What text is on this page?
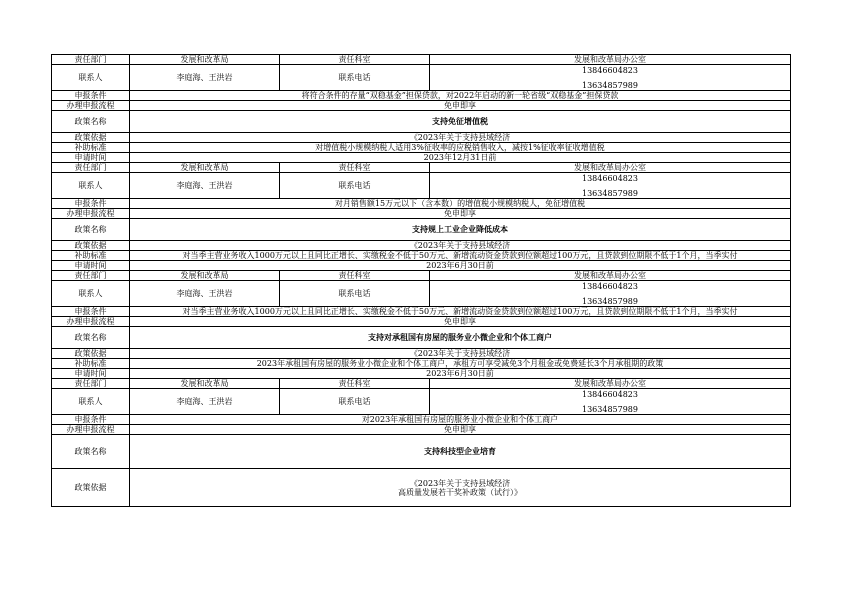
责任部门	发展和改革局	责任科室	发展和改革局办公室
联系人	李庭海、王洪岩	联系电话	13846604823
13634857989

申报条件	将符合条件的存量“双稳基金”担保贷款，对2022年启动的新一轮省级“双稳基金”担保贷款		
办理申报流程	免申即享		
政策名称	支持免征增值税		
政策依据	《2023年关于支持县域经济		
补助标准	对增值税小规模纳税人适用3%征收率的应税销售收入，减按1%征收率征收增值税		
申请时间	2023年12月31日前		
责任部门	发展和改革局	责任科室	发展和改革局办公室
联系人	李庭海、王洪岩	联系电话	13846604823
13634857989

申报条件	对月销售额15万元以下（含本数）的增值税小规模纳税人，免征增值税		
办理申报流程	免申即享		
政策名称	支持规上工业企业降低成本		
政策依据	《2023年关于支持县域经济		
补助标准	对当季主营业务收入1000万元以上且同比正增长、实缴税金不低于50万元、新增流动资金贷款到位额超过100万元，且贷款到位期限不低于1个月，当季实付		
申请时间	2023年6月30日前		
责任部门	发展和改革局	责任科室	发展和改革局办公室
联系人	李庭海、王洪岩	联系电话	13846604823
13634857989

申报条件	对当季主营业务收入1000万元以上且同比正增长、实缴税金不低于50万元、新增流动资金贷款到位额超过100万元，且贷款到位期限不低于1个月，当季实付		
办理申报流程	免申即享		
政策名称	支持对承租国有房屋的服务业小微企业和个体工商户		
政策依据	《2023年关于支持县域经济		
补助标准	2023年承租国有房屋的服务业小微企业和个体工商户，承租方可享受减免3个月租金或免费延长3个月承租期的政策		
申请时间	2023年6月30日前		
责任部门	发展和改革局	责任科室	发展和改革局办公室
联系人	李庭海、王洪岩	联系电话	13846604823
13634857989

申报条件	对2023年承租国有房屋的服务业小微企业和个体工商户		
办理申报流程	免申即享		
政策名称	支持科技型企业培育		
政策依据	《2023年关于支持县域经济
高质量发展若干奖补政策（试行）》		
